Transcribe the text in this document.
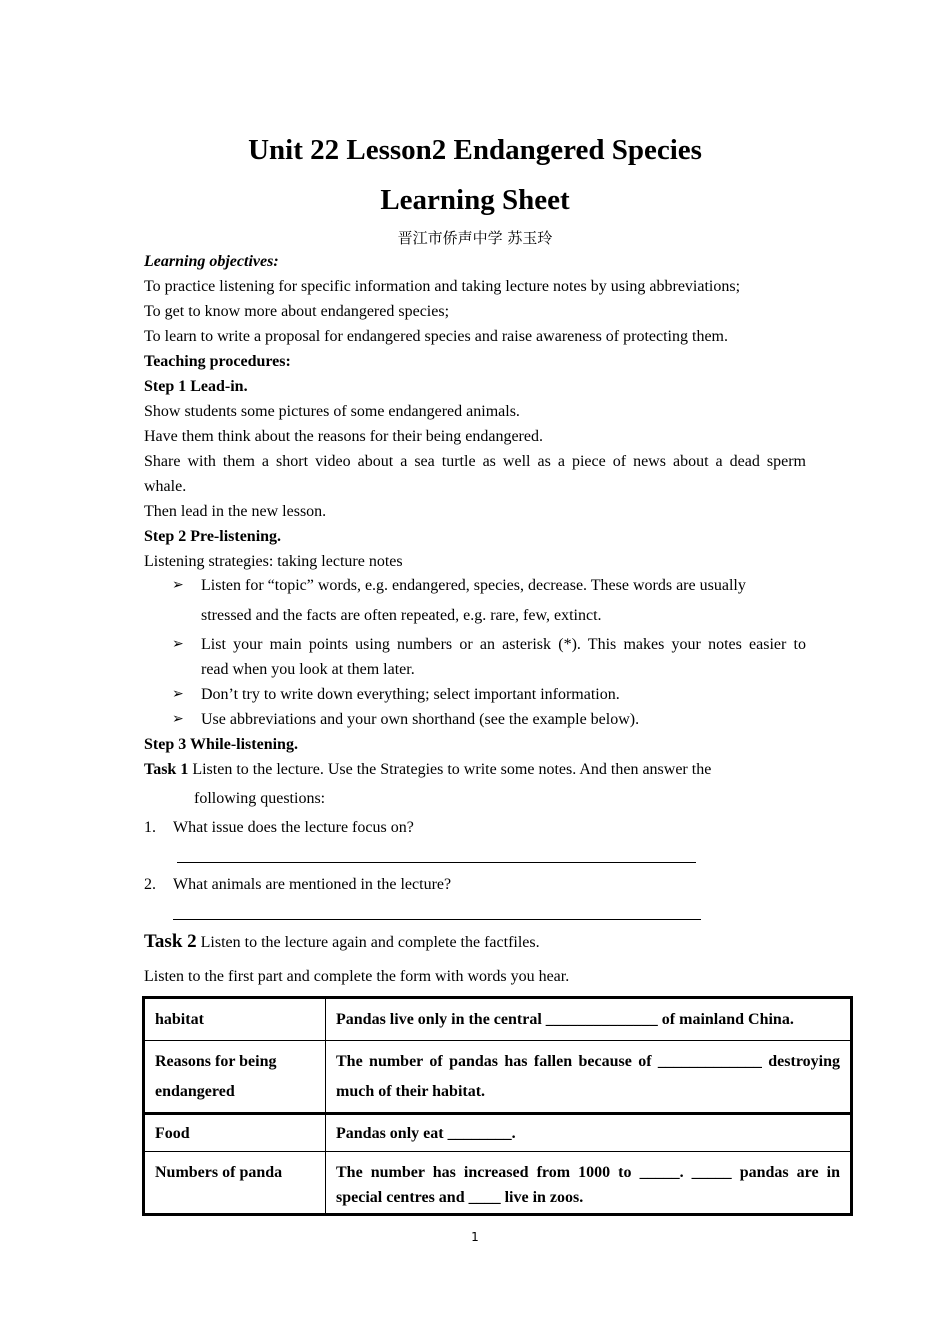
Unit 22 Lesson2 Endangered Species
Learning Sheet
晋江市侨声中学 苏玉玲
Learning objectives:
To practice listening for specific information and taking lecture notes by using abbreviations;
To get to know more about endangered species;
To learn to write a proposal for endangered species and raise awareness of protecting them.
Teaching procedures:
Step 1 Lead-in.
Show students some pictures of some endangered animals.
Have them think about the reasons for their being endangered.
Share with them a short video about a sea turtle as well as a piece of news about a dead sperm
whale.
Then lead in the new lesson.
Step 2 Pre-listening.
Listening strategies: taking lecture notes
➢ Listen for “topic” words, e.g. endangered, species, decrease. These words are usually
stressed and the facts are often repeated, e.g. rare, few, extinct.
➢ List your main points using numbers or an asterisk (*). This makes your notes easier to
read when you look at them later.
➢ Don’t try to write down everything; select important information.
➢ Use abbreviations and your own shorthand (see the example below).
Step 3 While-listening.
Task 1 Listen to the lecture. Use the Strategies to write some notes. And then answer the
following questions:
1. What issue does the lecture focus on?
2. What animals are mentioned in the lecture?
Task 2 Listen to the lecture again and complete the factfiles.
Listen to the first part and complete the form with words you hear.
habitat	Pandas live only in the central ______________ of mainland China.
Reasons for being endangered	The number of pandas has fallen because of _____________ destroying much of their habitat.
Food	Pandas only eat ________.
Numbers of panda	The number has increased from 1000 to _____. _____ pandas are in special centres and ____ live in zoos.
1
